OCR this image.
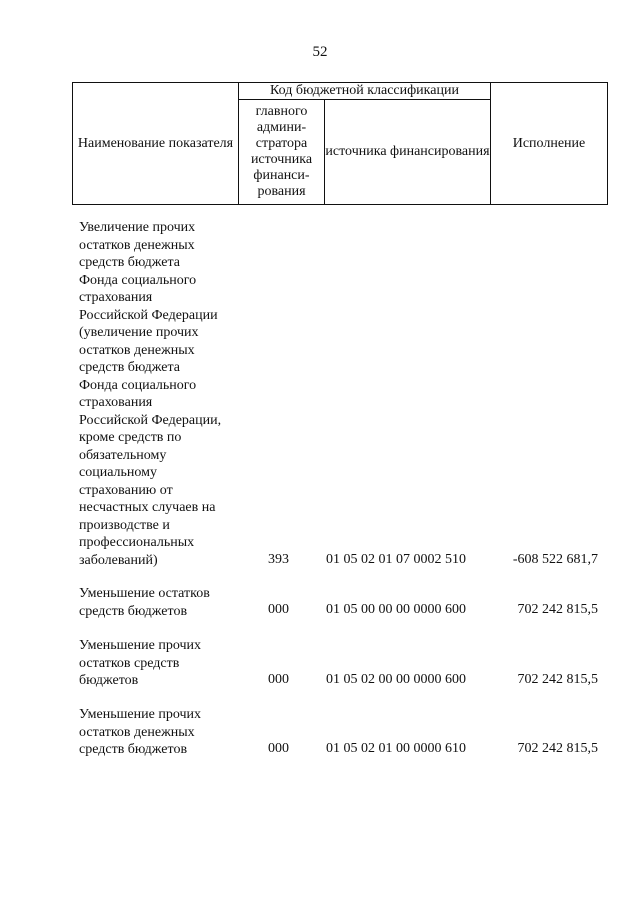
52
Наименование показателя	Код бюджетной классификации		Исполнение
	главного админи-стратора источника финанси-рования	источника финансирования	
Увеличение прочих
остатков денежных
средств бюджета
Фонда социального
страхования
Российской Федерации
(увеличение прочих
остатков денежных
средств бюджета
Фонда социального
страхования
Российской Федерации,
кроме средств по
обязательному
социальному
страхованию от
несчастных случаев на
производстве и
профессиональных
заболеваний)	393	01 05 02 01 07 0002 510	-608 522 681,7
Уменьшение остатков
средств бюджетов	000	01 05 00 00 00 0000 600	702 242 815,5
Уменьшение прочих
остатков средств
бюджетов	000	01 05 02 00 00 0000 600	702 242 815,5
Уменьшение прочих
остатков денежных
средств бюджетов	000	01 05 02 01 00 0000 610	702 242 815,5
